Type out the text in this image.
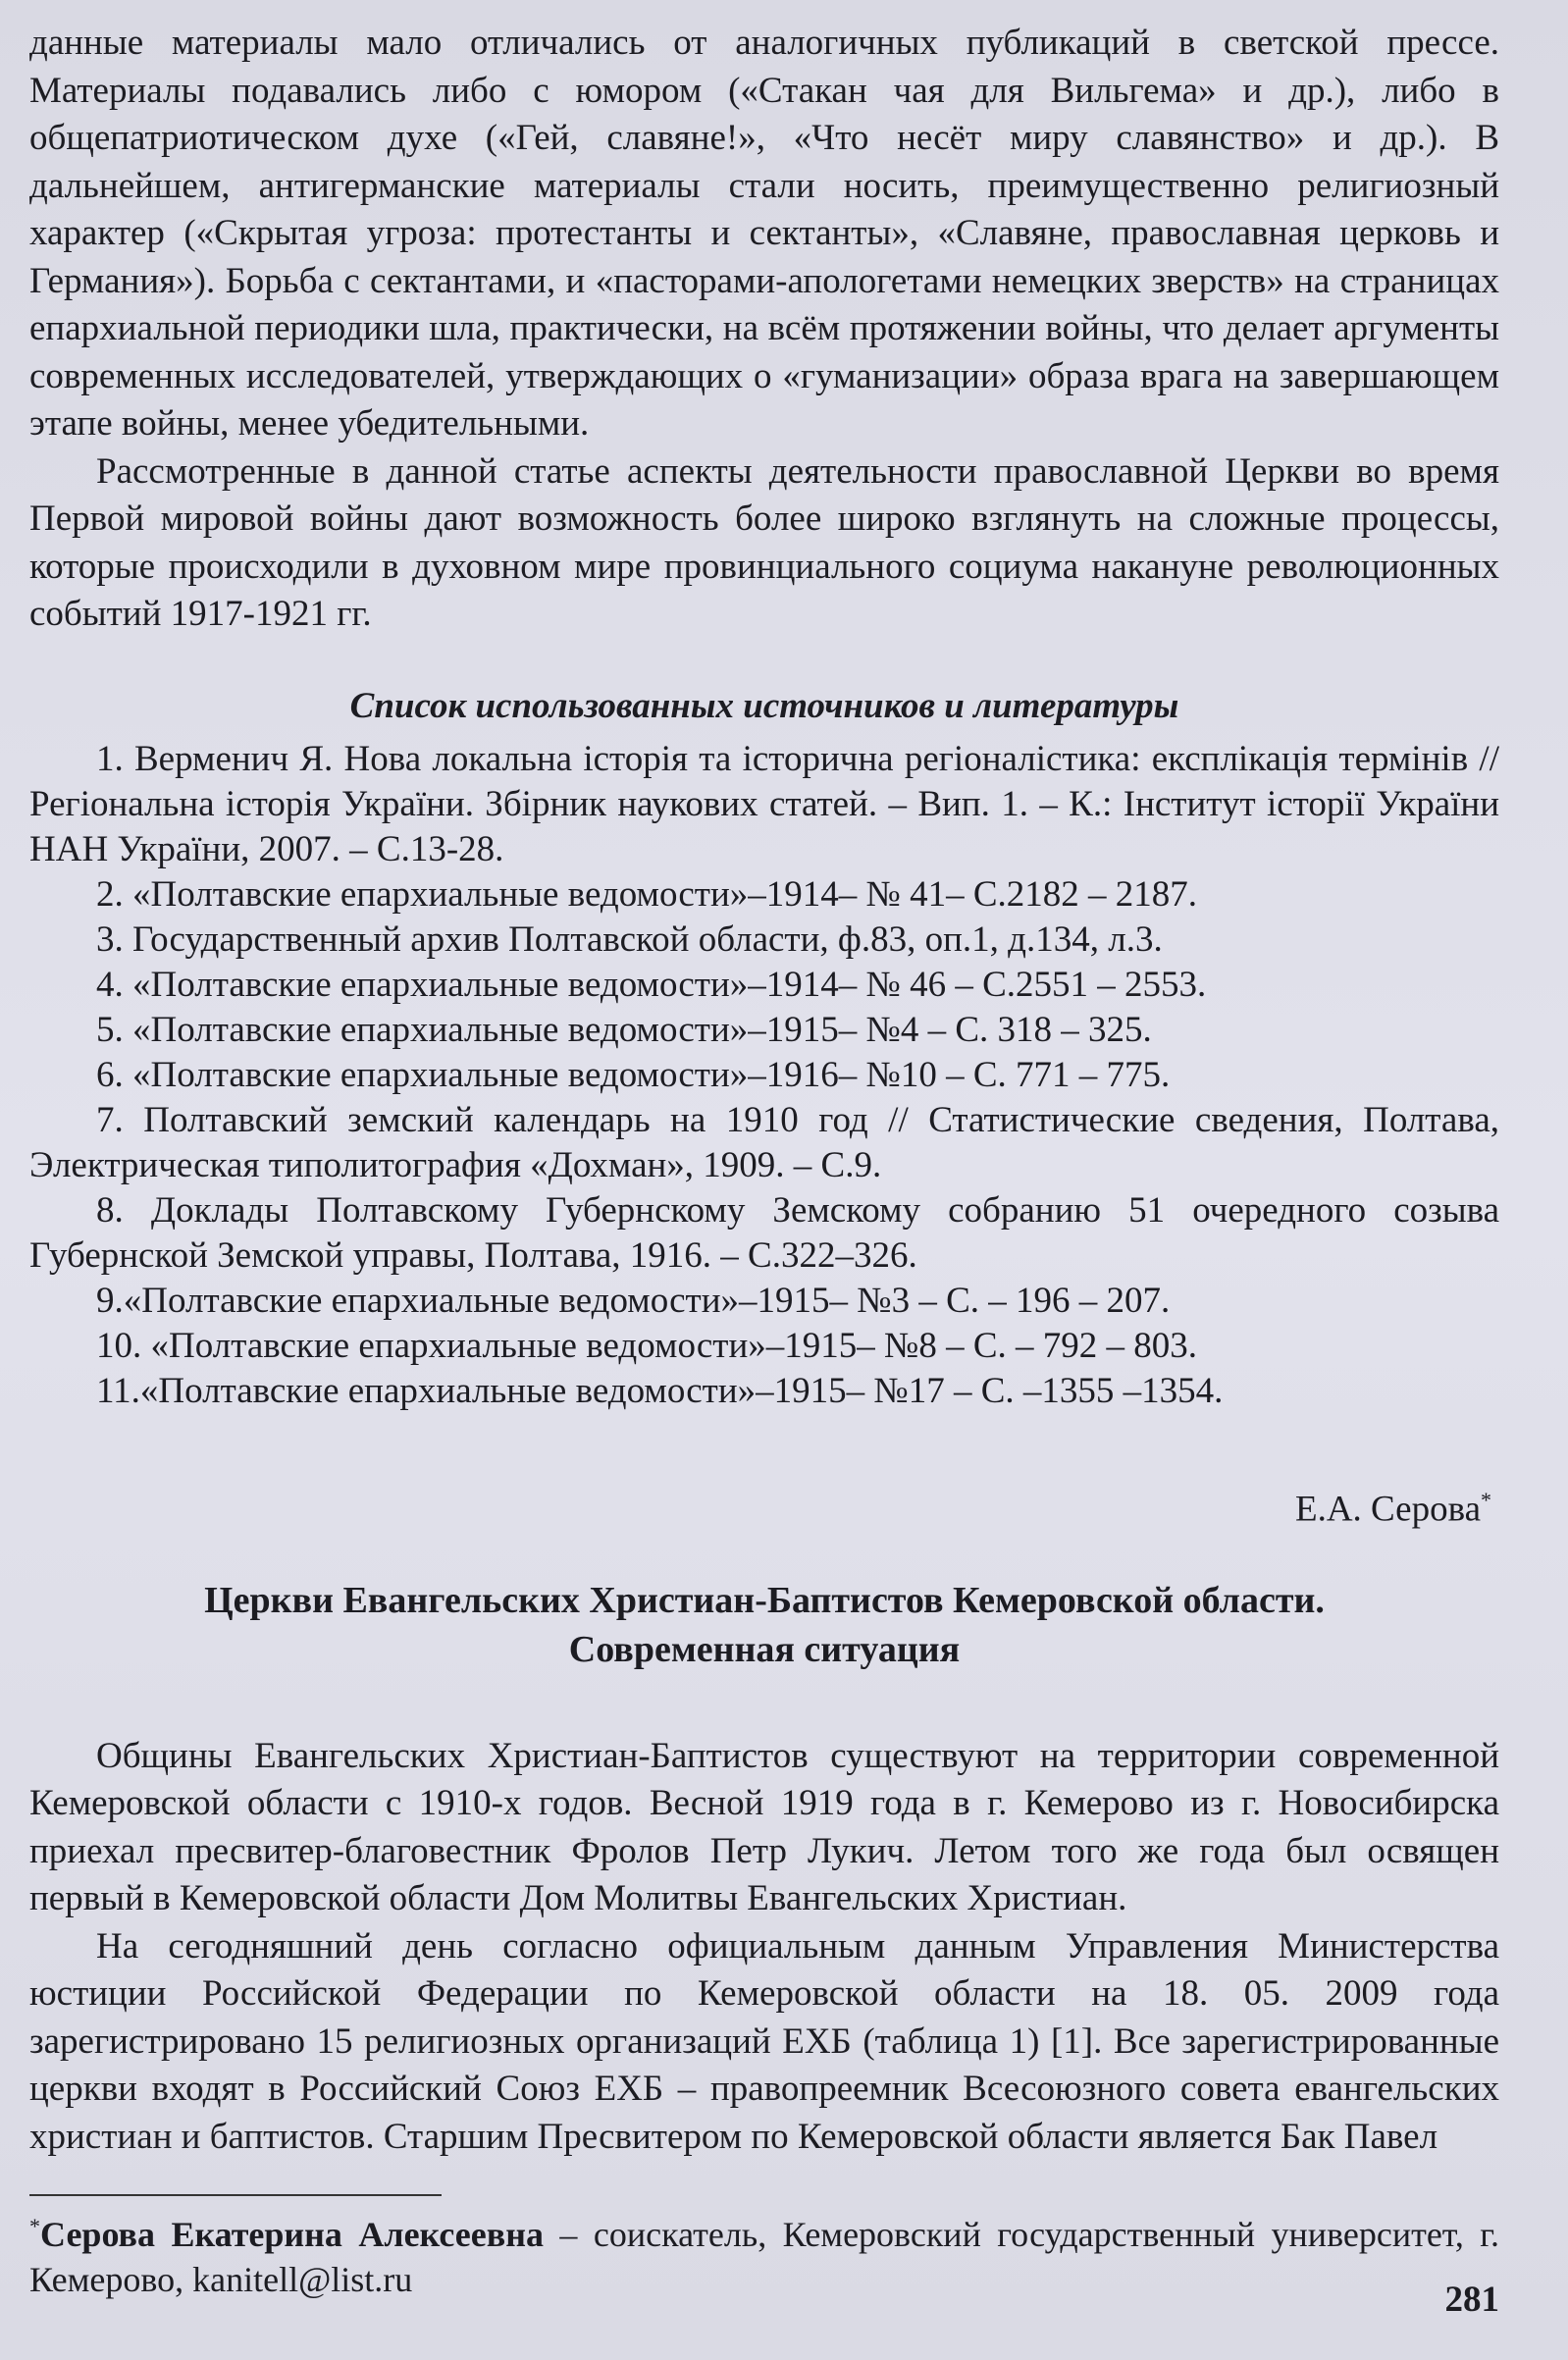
данные материалы мало отличались от аналогичных публикаций в светской прессе. Материалы подавались либо с юмором («Стакан чая для Вильгема» и др.), либо в общепатриотическом духе («Гей, славяне!», «Что несёт миру славянство» и др.). В дальнейшем, антигерманские материалы стали носить, преимущественно религиозный характер («Скрытая угроза: протестанты и сектанты», «Славяне, православная церковь и Германия»). Борьба с сектантами, и «пасторами-апологетами немецких зверств» на страницах епархиальной периодики шла, практически, на всём протяжении войны, что делает аргументы современных исследователей, утверждающих о «гуманизации» образа врага на завершающем этапе войны, менее убедительными.

Рассмотренные в данной статье аспекты деятельности православной Церкви во время Первой мировой войны дают возможность более широко взглянуть на сложные процессы, которые происходили в духовном мире провинциального социума накануне революционных событий 1917-1921 гг.

Список использованных источников и литературы

1. Верменич Я. Нова локальна історія та історична регіоналістика: експлікація термінів // Регіональна історія України. Збірник наукових статей. – Вип. 1. – К.: Інститут історії України НАН України, 2007. – С.13-28.

2. «Полтавские епархиальные ведомости»–1914– № 41– С.2182 – 2187.

3. Государственный архив Полтавской области, ф.83, оп.1, д.134, л.3.

4. «Полтавские епархиальные ведомости»–1914– № 46 – С.2551 – 2553.

5. «Полтавские епархиальные ведомости»–1915– №4 – С. 318 – 325.

6. «Полтавские епархиальные ведомости»–1916– №10 – С. 771 – 775.

7. Полтавский земский календарь на 1910 год // Статистические сведения, Полтава, Электрическая типолитография «Дохман», 1909. – С.9.

8. Доклады Полтавскому Губернскому Земскому собранию 51 очередного созыва Губернской Земской управы, Полтава, 1916. – С.322–326.

9.«Полтавские епархиальные ведомости»–1915– №3 – С. – 196 – 207.

10. «Полтавские епархиальные ведомости»–1915– №8 – С. – 792 – 803.

11.«Полтавские епархиальные ведомости»–1915– №17 – С. –1355 –1354.

Е.А. Серова*
Церкви Евангельских Христиан-Баптистов Кемеровской области.
Современная ситуация

Общины Евангельских Христиан-Баптистов существуют на территории современной Кемеровской области с 1910-х годов. Весной 1919 года в г. Кемерово из г. Новосибирска приехал пресвитер-благовестник Фролов Петр Лукич. Летом того же года был освящен первый в Кемеровской области Дом Молитвы Евангельских Христиан.

На сегодняшний день согласно официальным данным Управления Министерства юстиции Российской Федерации по Кемеровской области на 18. 05. 2009 года зарегистрировано 15 религиозных организаций ЕХБ (таблица 1) [1]. Все зарегистрированные церкви входят в Российский Союз ЕХБ – правопреемник Всесоюзного совета евангельских христиан и баптистов. Старшим Пресвитером по Кемеровской области является Бак Павел

*Серова Екатерина Алексеевна – соискатель, Кемеровский государственный университет, г. Кемерово, kanitell@list.ru	281
